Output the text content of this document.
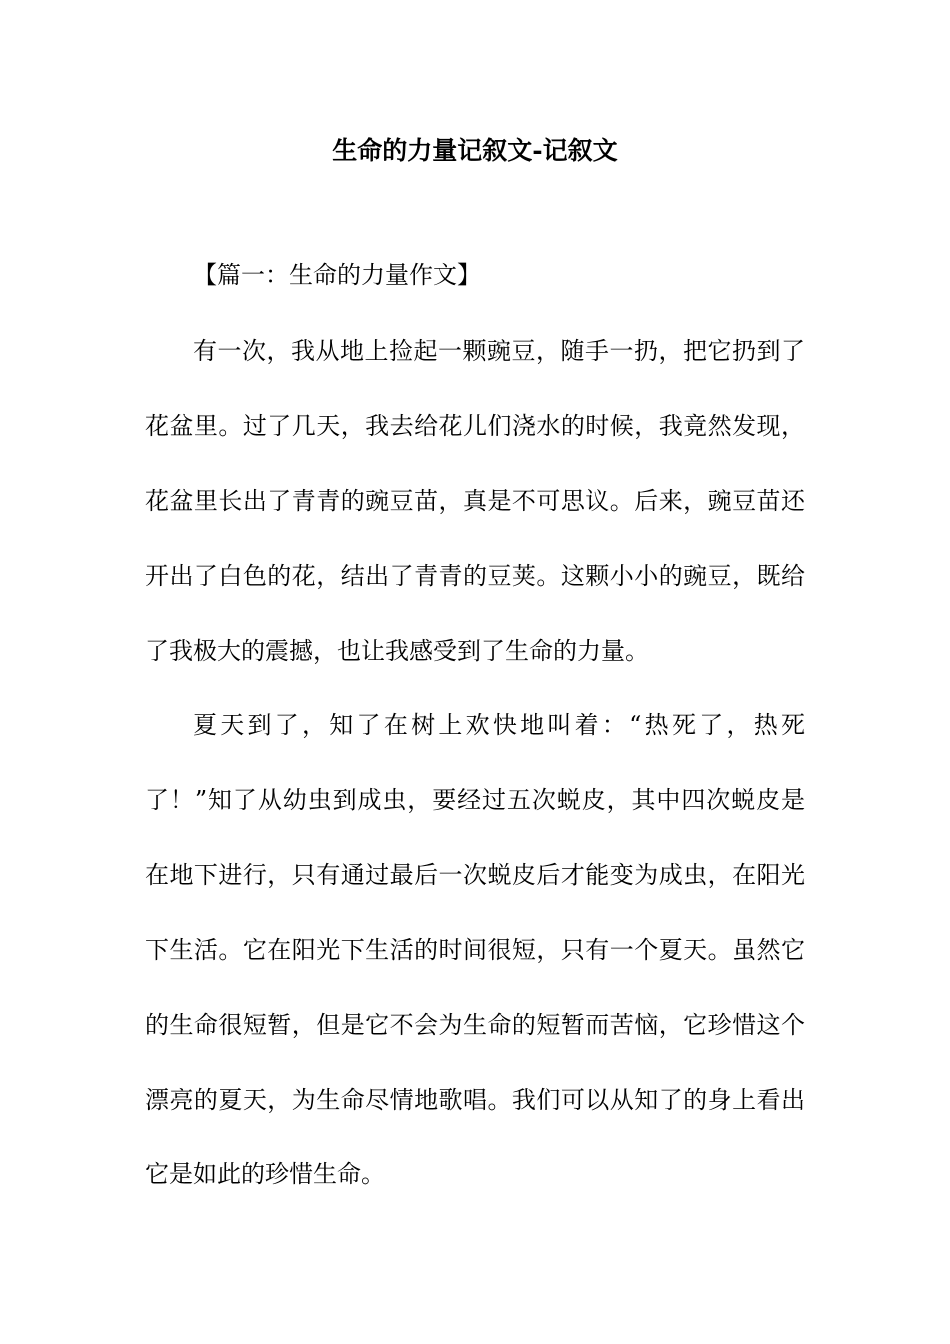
生命的力量记叙文-记叙文

【篇一：生命的力量作文】

有一次，我从地上捡起一颗豌豆，随手一扔，把它扔到了

花盆里。过了几天，我去给花儿们浇水的时候，我竟然发现，

花盆里长出了青青的豌豆苗，真是不可思议。后来，豌豆苗还

开出了白色的花，结出了青青的豆荚。这颗小小的豌豆，既给

了我极大的震撼，也让我感受到了生命的力量。

夏天到了，知了在树上欢快地叫着：“热死了，热死

了！”知了从幼虫到成虫，要经过五次蜕皮，其中四次蜕皮是

在地下进行，只有通过最后一次蜕皮后才能变为成虫，在阳光

下生活。它在阳光下生活的时间很短，只有一个夏天。虽然它

的生命很短暂，但是它不会为生命的短暂而苦恼，它珍惜这个

漂亮的夏天，为生命尽情地歌唱。我们可以从知了的身上看出

它是如此的珍惜生命。
